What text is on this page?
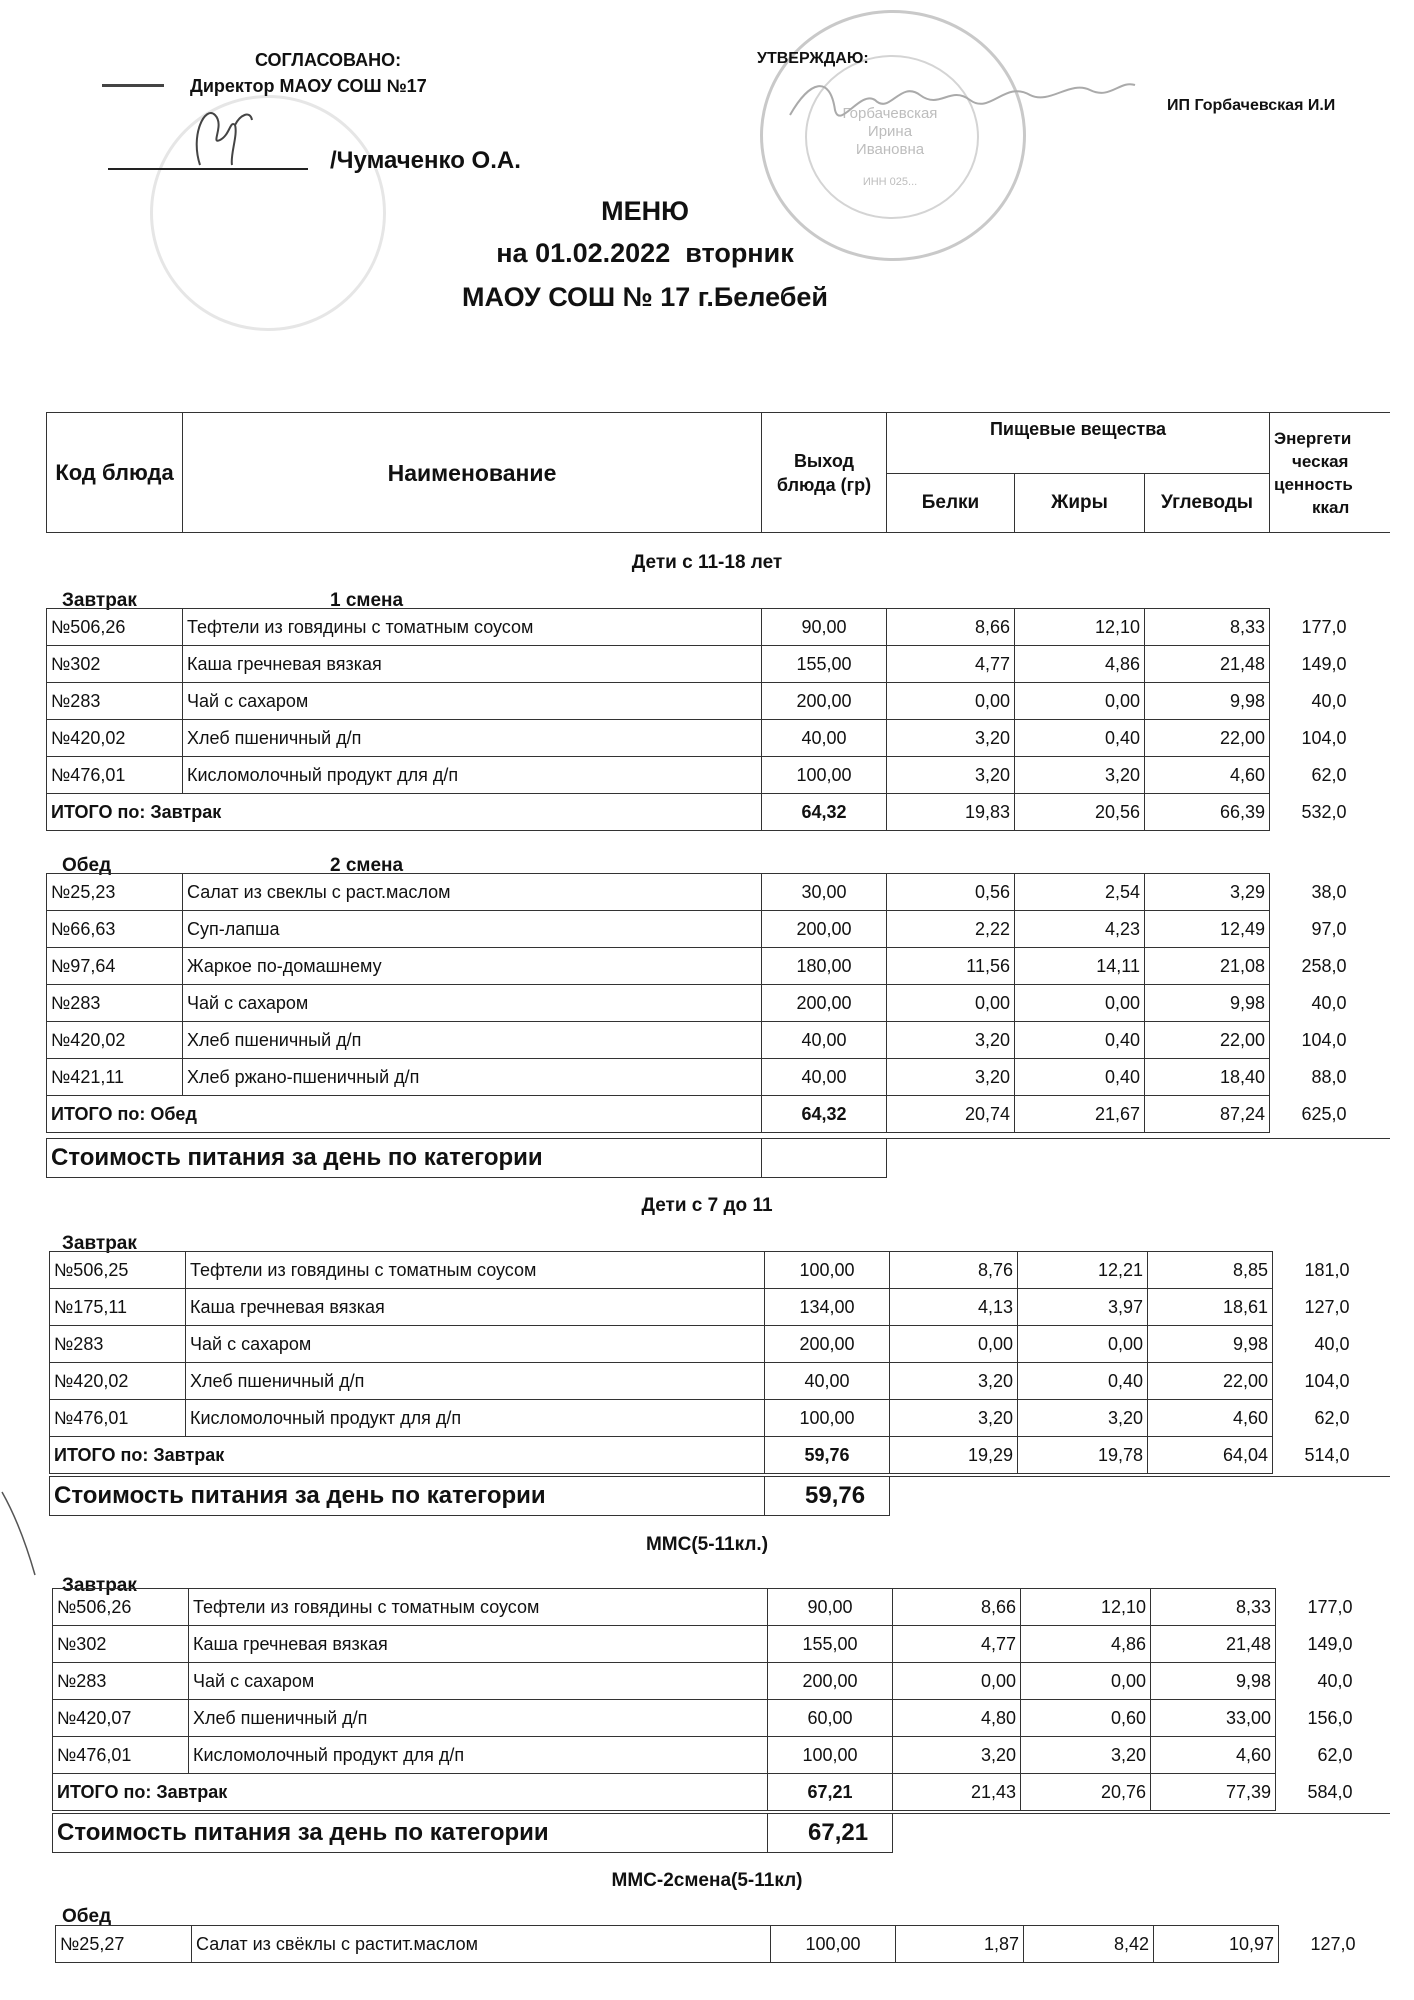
Горбачевская
Ирина
Ивановна
ИНН 025...
СОГЛАСОВАНО:
Директор МАОУ СОШ №17
/Чумаченко О.А.
УТВЕРЖДАЮ:
ИП Горбачевская И.И
МЕНЮ
на 01.02.2022  вторник
МАОУ СОШ № 17 г.Белебей
Код блюда	Наименование	Выход блюда (гр)	Пищевые вещества			Энергети
ческая
ценность
ккал

			Белки	Жиры	Углеводы	
Дети с 11-18 лет
Завтрак	1 смена
№506,26	Тефтели из говядины с томатным соусом	90,00	8,66	12,10	8,33	177,0
№302	Каша гречневая вязкая	155,00	4,77	4,86	21,48	149,0
№283	Чай с сахаром	200,00	0,00	0,00	9,98	40,0
№420,02	Хлеб пшеничный д/п	40,00	3,20	0,40	22,00	104,0
№476,01	Кисломолочный продукт для д/п	100,00	3,20	3,20	4,60	62,0
ИТОГО по: Завтрак		64,32	19,83	20,56	66,39	532,0
Обед	2 смена
№25,23	Салат из свеклы с раст.маслом	30,00	0,56	2,54	3,29	38,0
№66,63	Суп-лапша	200,00	2,22	4,23	12,49	97,0
№97,64	Жаркое по-домашнему	180,00	11,56	14,11	21,08	258,0
№283	Чай с сахаром	200,00	0,00	0,00	9,98	40,0
№420,02	Хлеб пшеничный д/п	40,00	3,20	0,40	22,00	104,0
№421,11	Хлеб ржано-пшеничный д/п	40,00	3,20	0,40	18,40	88,0
ИТОГО по: Обед		64,32	20,74	21,67	87,24	625,0
Стоимость питания за день по категории		
Дети с 7 до 11
Завтрак
№506,25	Тефтели из говядины с томатным соусом	100,00	8,76	12,21	8,85	181,0
№175,11	Каша гречневая вязкая	134,00	4,13	3,97	18,61	127,0
№283	Чай с сахаром	200,00	0,00	0,00	9,98	40,0
№420,02	Хлеб пшеничный д/п	40,00	3,20	0,40	22,00	104,0
№476,01	Кисломолочный продукт для д/п	100,00	3,20	3,20	4,60	62,0
ИТОГО по: Завтрак		59,76	19,29	19,78	64,04	514,0
Стоимость питания за день по категории	59,76	
ММС(5-11кл.)
Завтрак
№506,26	Тефтели из говядины с томатным соусом	90,00	8,66	12,10	8,33	177,0
№302	Каша гречневая вязкая	155,00	4,77	4,86	21,48	149,0
№283	Чай с сахаром	200,00	0,00	0,00	9,98	40,0
№420,07	Хлеб пшеничный д/п	60,00	4,80	0,60	33,00	156,0
№476,01	Кисломолочный продукт для д/п	100,00	3,20	3,20	4,60	62,0
ИТОГО по: Завтрак		67,21	21,43	20,76	77,39	584,0
Стоимость питания за день по категории	67,21	
ММС-2смена(5-11кл)
Обед
№25,27	Салат из свёклы с растит.маслом	100,00	1,87	8,42	10,97	127,0
